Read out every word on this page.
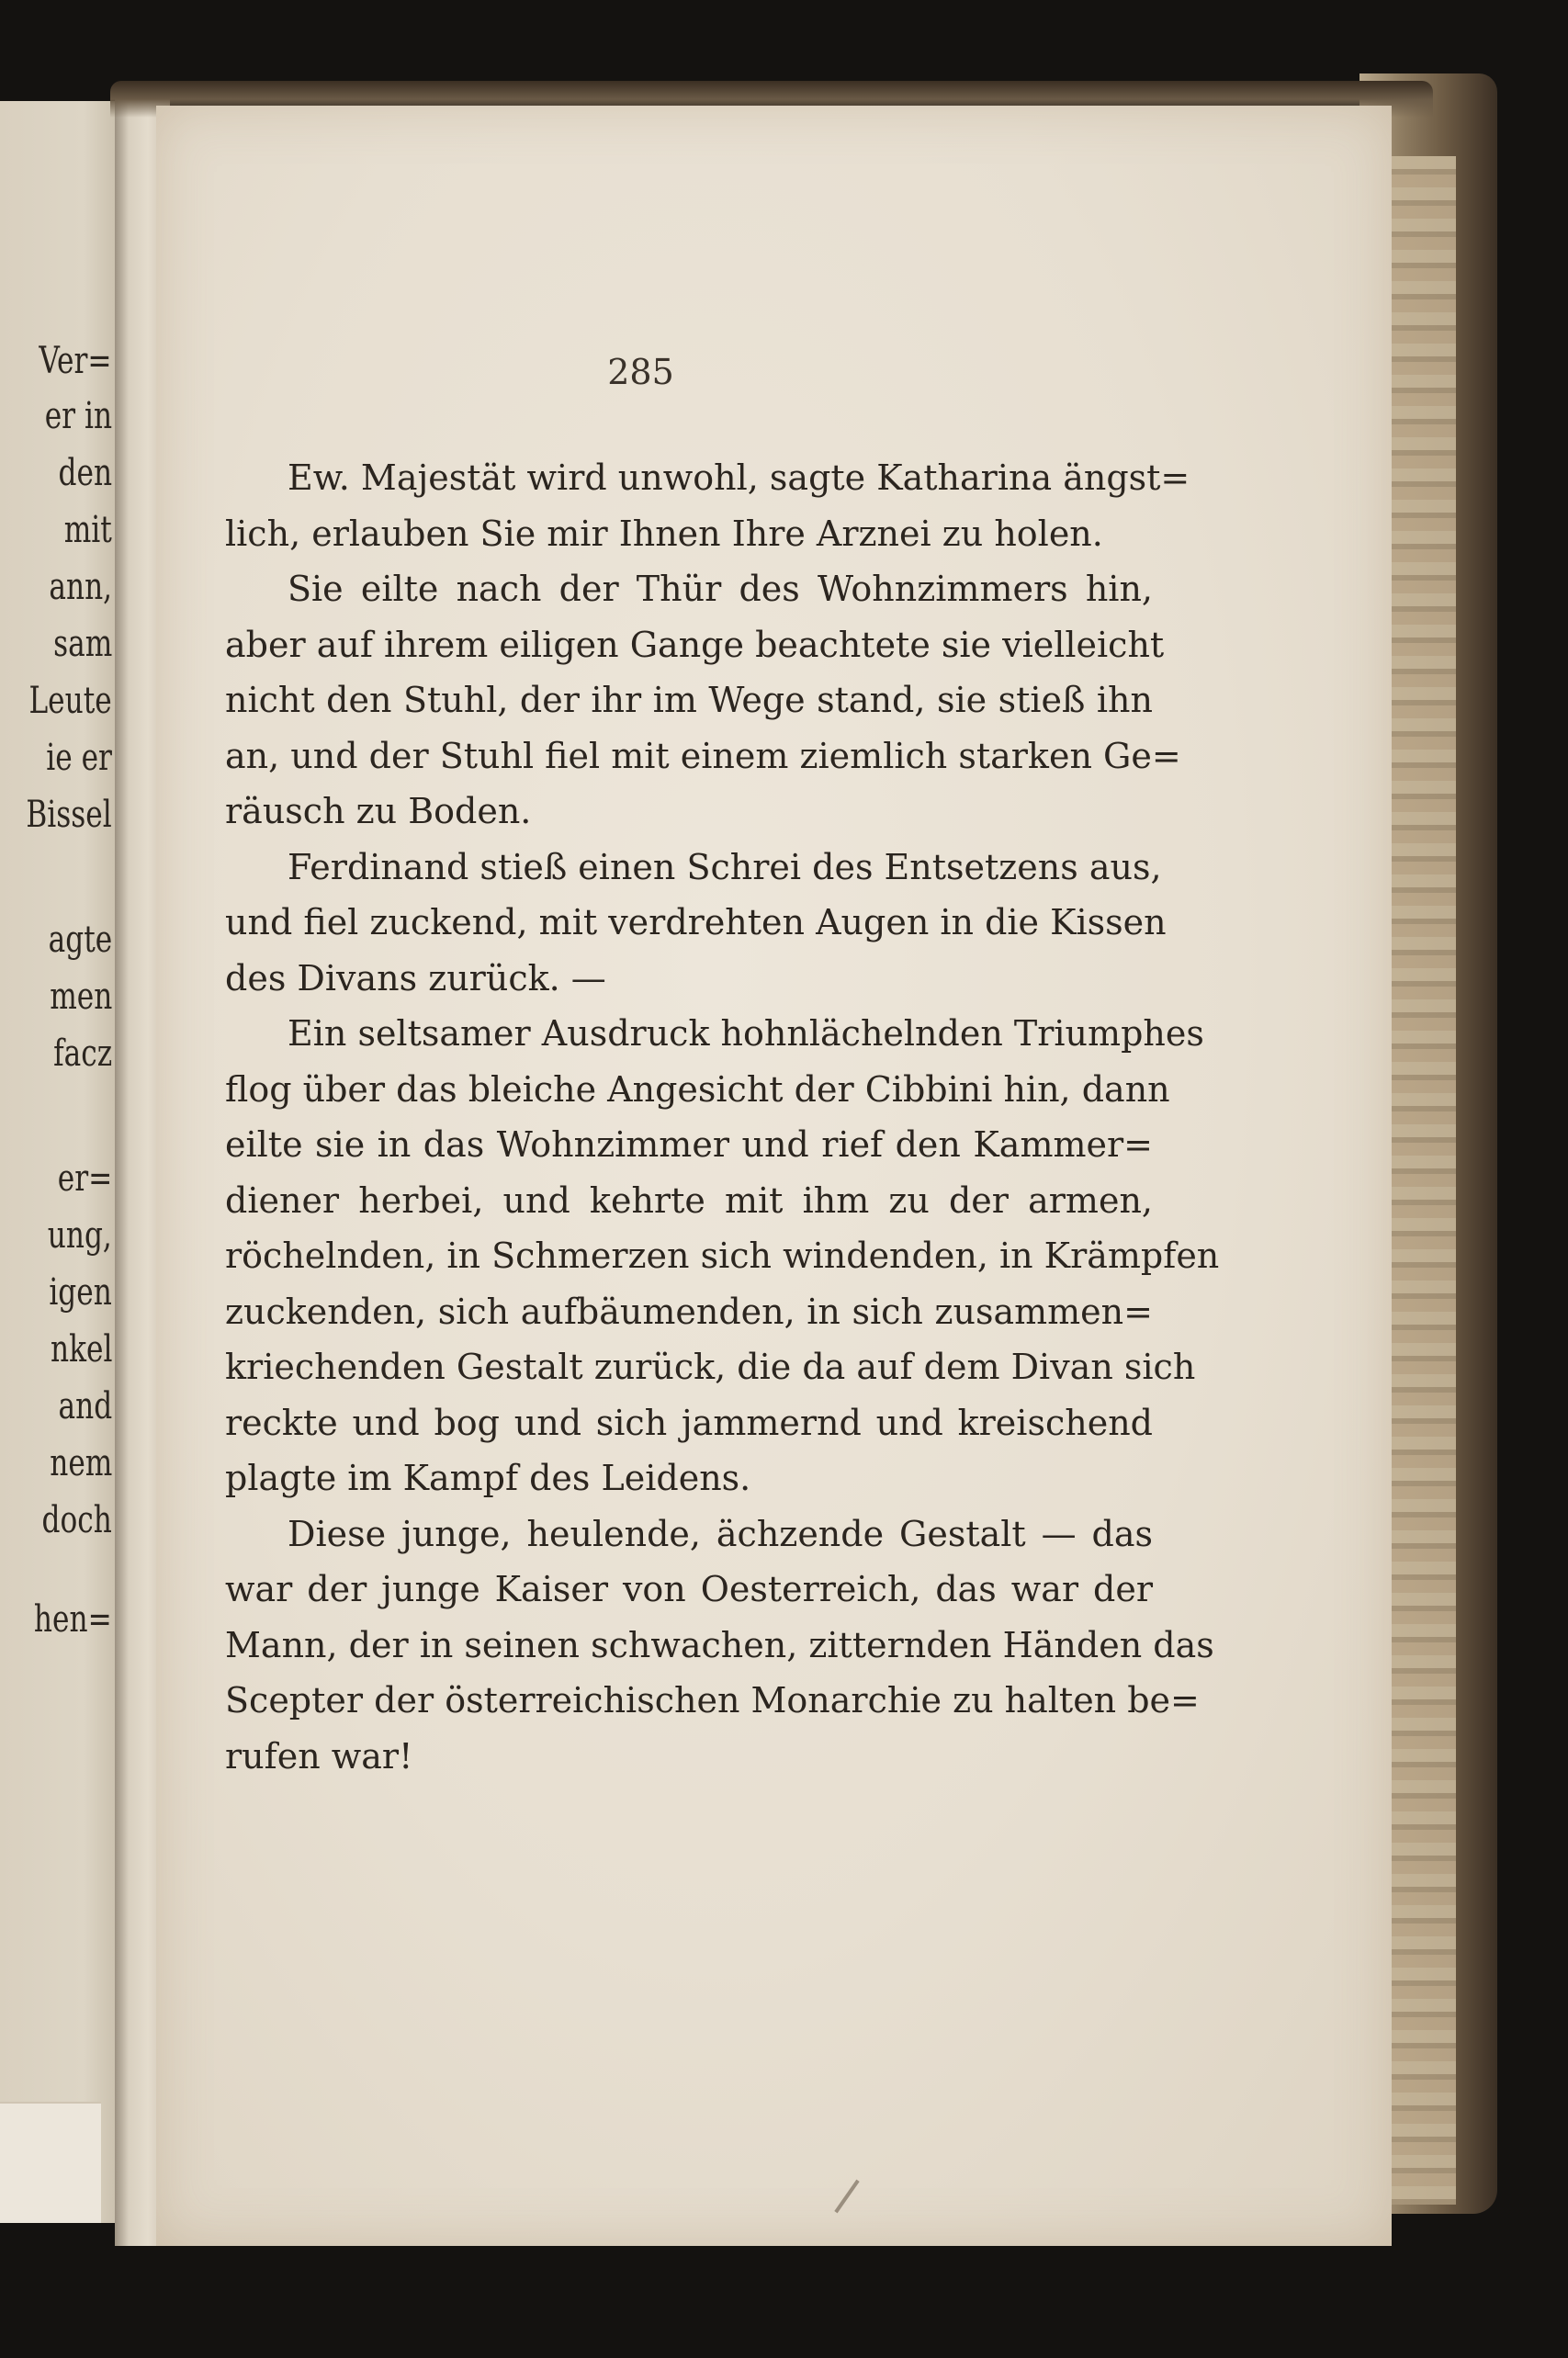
Ver=
er in
den
mit
ann,
sam
Leute
ie er
Bissel
agte
men
facz
er=
ung,
igen
nkel
and
nem
doch
hen=
285

Ew. Majestät wird unwohl, sagte Katharina ängst=
lich, erlauben Sie mir Ihnen Ihre Arznei zu holen.

Sie eilte nach der Thür des Wohnzimmers hin,
aber auf ihrem eiligen Gange beachtete sie vielleicht
nicht den Stuhl, der ihr im Wege stand, sie stieß ihn
an, und der Stuhl fiel mit einem ziemlich starken Ge=
räusch zu Boden.

Ferdinand stieß einen Schrei des Entsetzens aus,
und fiel zuckend, mit verdrehten Augen in die Kissen
des Divans zurück. —

Ein seltsamer Ausdruck hohnlächelnden Triumphes
flog über das bleiche Angesicht der Cibbini hin, dann
eilte sie in das Wohnzimmer und rief den Kammer=
diener herbei, und kehrte mit ihm zu der armen,
röchelnden, in Schmerzen sich windenden, in Krämpfen
zuckenden, sich aufbäumenden, in sich zusammen=
kriechenden Gestalt zurück, die da auf dem Divan sich
reckte und bog und sich jammernd und kreischend
plagte im Kampf des Leidens.

Diese junge, heulende, ächzende Gestalt — das
war der junge Kaiser von Oesterreich, das war der
Mann, der in seinen schwachen, zitternden Händen das
Scepter der österreichischen Monarchie zu halten be=
rufen war!
